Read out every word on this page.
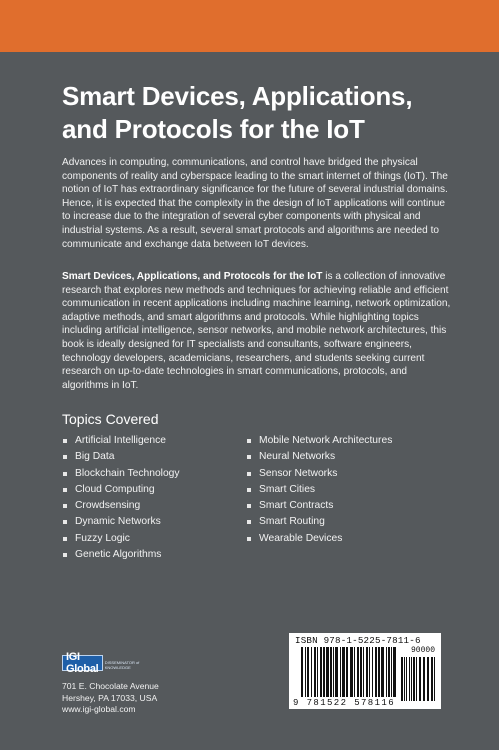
Smart Devices, Applications,
and Protocols for the IoT

Advances in computing, communications, and control have bridged the physical components of reality and cyberspace leading to the smart internet of things (IoT). The notion of IoT has extraordinary significance for the future of several industrial domains. Hence, it is expected that the complexity in the design of IoT applications will continue to increase due to the integration of several cyber components with physical and industrial systems. As a result, several smart protocols and algorithms are needed to communicate and exchange data between IoT devices.

Smart Devices, Applications, and Protocols for the IoT is a collection of innovative research that explores new methods and techniques for achieving reliable and efficient communication in recent applications including machine learning, network optimization, adaptive methods, and smart algorithms and protocols. While highlighting topics including artificial intelligence, sensor networks, and mobile network architectures, this book is ideally designed for IT specialists and consultants, software engineers, technology developers, academicians, researchers, and students seeking current research on up-to-date technologies in smart communications, protocols, and algorithms in IoT.

Topics Covered
Artificial Intelligence
Big Data
Blockchain Technology
Cloud Computing
Crowdsensing
Dynamic Networks
Fuzzy Logic
Genetic Algorithms
Mobile Network Architectures
Neural Networks
Sensor Networks
Smart Cities
Smart Contracts
Smart Routing
Wearable Devices
IGI Global
DISSEMINATOR of KNOWLEDGE
701 E. Chocolate Avenue
Hershey, PA 17033, USA
www.igi-global.com
ISBN 978-1-5225-7811-6
90000
9 781522 578116
